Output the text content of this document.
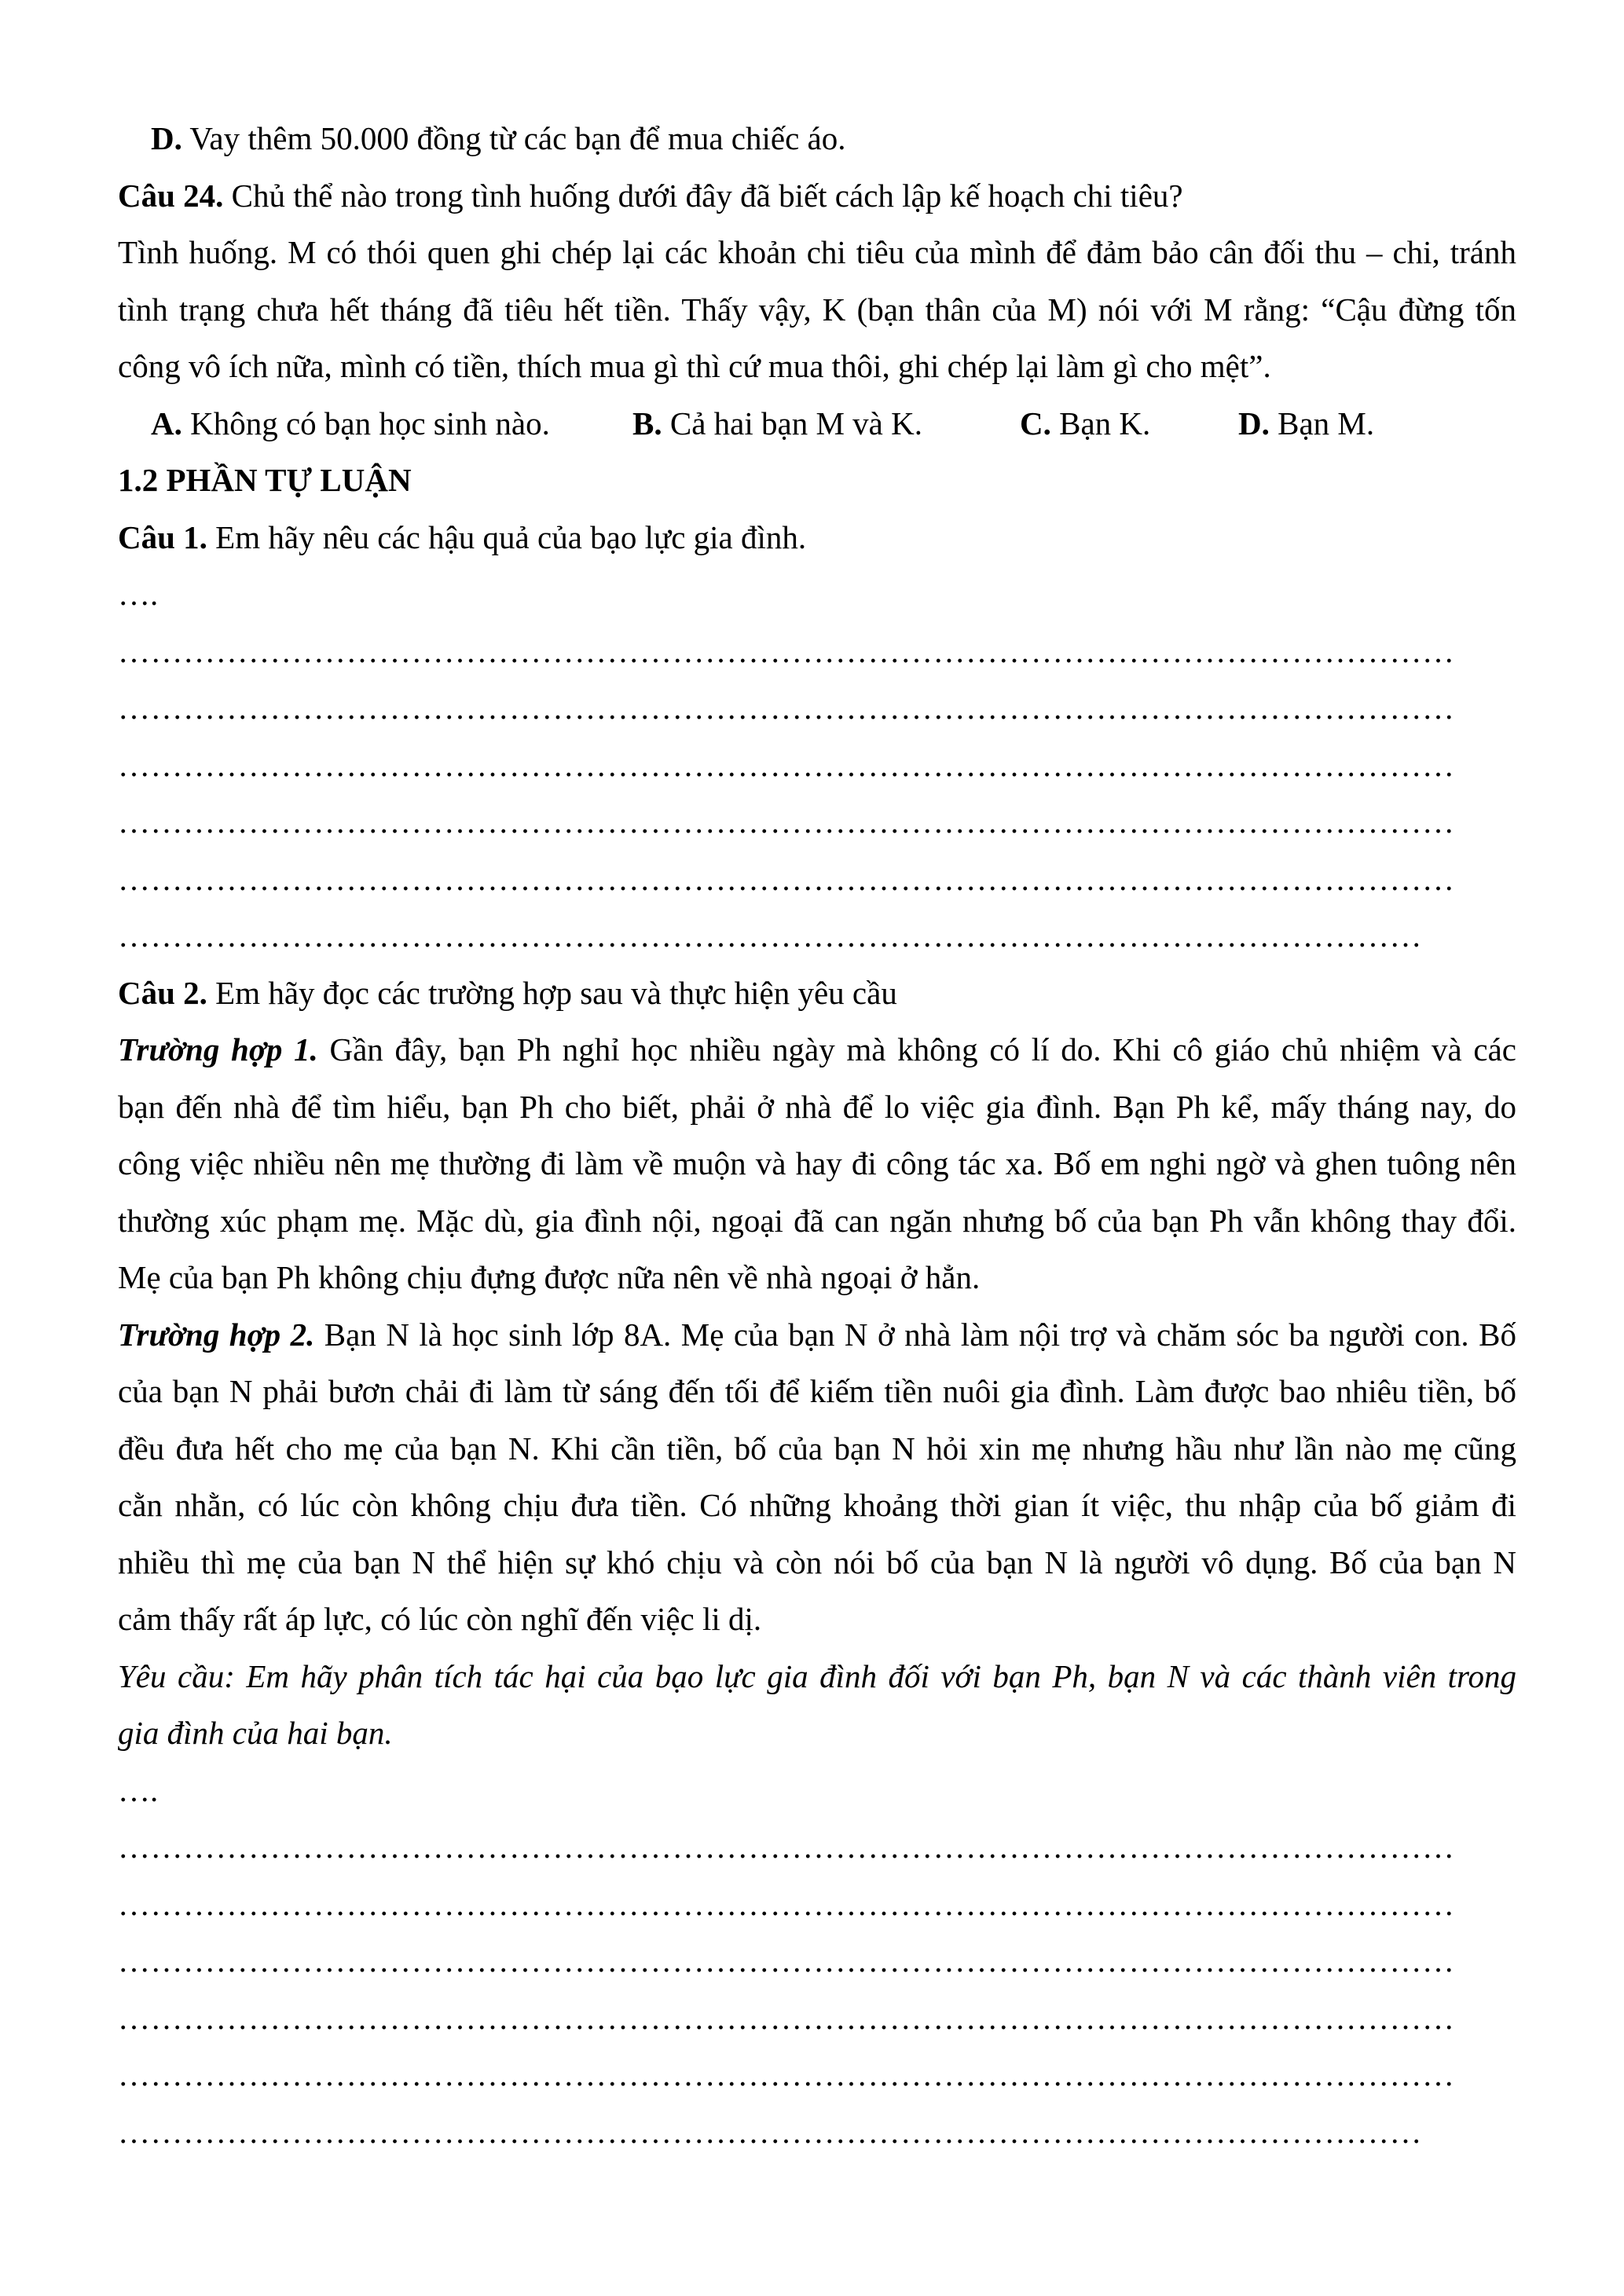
D. Vay thêm 50.000 đồng từ các bạn để mua chiếc áo.
Câu 24. Chủ thể nào trong tình huống dưới đây đã biết cách lập kế hoạch chi tiêu?
Tình huống. M có thói quen ghi chép lại các khoản chi tiêu của mình để đảm bảo cân đối thu – chi, tránh
tình trạng chưa hết tháng đã tiêu hết tiền. Thấy vậy, K (bạn thân của M) nói với M rằng: “Cậu đừng tốn
công vô ích nữa, mình có tiền, thích mua gì thì cứ mua thôi, ghi chép lại làm gì cho mệt”.
A. Không có bạn học sinh nào.	B. Cả hai bạn M và K.	C. Bạn K.	D. Bạn M.
1.2 PHẦN TỰ LUẬN
Câu 1. Em hãy nêu các hậu quả của bạo lực gia đình.
….
……………………………………………………………………………………………………………
……………………………………………………………………………………………………………
……………………………………………………………………………………………………………
……………………………………………………………………………………………………………
……………………………………………………………………………………………………………
…………………………………………………………………………………………………………
Câu 2. Em hãy đọc các trường hợp sau và thực hiện yêu cầu
Trường hợp 1. Gần đây, bạn Ph nghỉ học nhiều ngày mà không có lí do. Khi cô giáo chủ nhiệm và các
bạn đến nhà để tìm hiểu, bạn Ph cho biết, phải ở nhà để lo việc gia đình. Bạn Ph kể, mấy tháng nay, do
công việc nhiều nên mẹ thường đi làm về muộn và hay đi công tác xa. Bố em nghi ngờ và ghen tuông nên
thường xúc phạm mẹ. Mặc dù, gia đình nội, ngoại đã can ngăn nhưng bố của bạn Ph vẫn không thay đổi.
Mẹ của bạn Ph không chịu đựng được nữa nên về nhà ngoại ở hẳn.
Trường hợp 2. Bạn N là học sinh lớp 8A. Mẹ của bạn N ở nhà làm nội trợ và chăm sóc ba người con. Bố
của bạn N phải bươn chải đi làm từ sáng đến tối để kiếm tiền nuôi gia đình. Làm được bao nhiêu tiền, bố
đều đưa hết cho mẹ của bạn N. Khi cần tiền, bố của bạn N hỏi xin mẹ nhưng hầu như lần nào mẹ cũng
cằn nhằn, có lúc còn không chịu đưa tiền. Có những khoảng thời gian ít việc, thu nhập của bố giảm đi
nhiều thì mẹ của bạn N thể hiện sự khó chịu và còn nói bố của bạn N là người vô dụng. Bố của bạn N
cảm thấy rất áp lực, có lúc còn nghĩ đến việc li dị.
Yêu cầu: Em hãy phân tích tác hại của bạo lực gia đình đối với bạn Ph, bạn N và các thành viên trong
gia đình của hai bạn.
….
……………………………………………………………………………………………………………
……………………………………………………………………………………………………………
……………………………………………………………………………………………………………
……………………………………………………………………………………………………………
……………………………………………………………………………………………………………
…………………………………………………………………………………………………………
